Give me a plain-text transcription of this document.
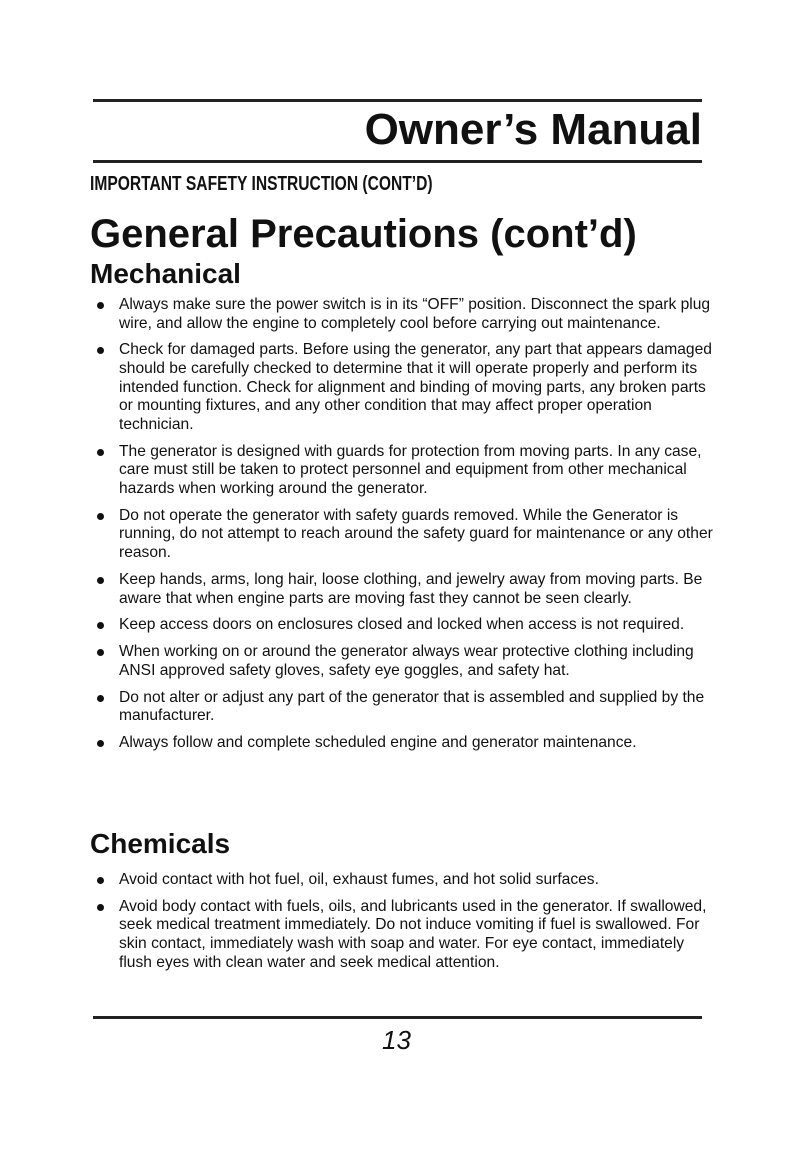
Owner’s Manual
IMPORTANT SAFETY INSTRUCTION (CONT’D)
General Precautions (cont’d)
Mechanical
Always make sure the power switch is in its “OFF” position. Disconnect the spark plug wire, and allow the engine to completely cool before carrying out maintenance.
Check for damaged parts. Before using the generator, any part that appears damaged should be carefully checked to determine that it will operate properly and perform its intended function. Check for alignment and binding of moving parts, any broken parts or mounting fixtures, and any other condition that may affect proper operation technician.
The generator is designed with guards for protection from moving parts. In any case, care must still be taken to protect personnel and equipment from other mechanical hazards when working around the generator.
Do not operate the generator with safety guards removed. While the Generator is running, do not attempt to reach around the safety guard for maintenance or any other reason.
Keep hands, arms, long hair, loose clothing, and jewelry away from moving parts. Be aware that when engine parts are moving fast they cannot be seen clearly.
Keep access doors on enclosures closed and locked when access is not required.
When working on or around the generator always wear protective clothing including ANSI approved safety gloves, safety eye goggles, and safety hat.
Do not alter or adjust any part of the generator that is assembled and supplied by the manufacturer.
Always follow and complete scheduled engine and generator maintenance.
Chemicals
Avoid contact with hot fuel, oil, exhaust fumes, and hot solid surfaces.
Avoid body contact with fuels, oils, and lubricants used in the generator. If swallowed, seek medical treatment immediately. Do not induce vomiting if fuel is swallowed. For skin contact, immediately wash with soap and water. For eye contact, immediately flush eyes with clean water and seek medical attention.

13
